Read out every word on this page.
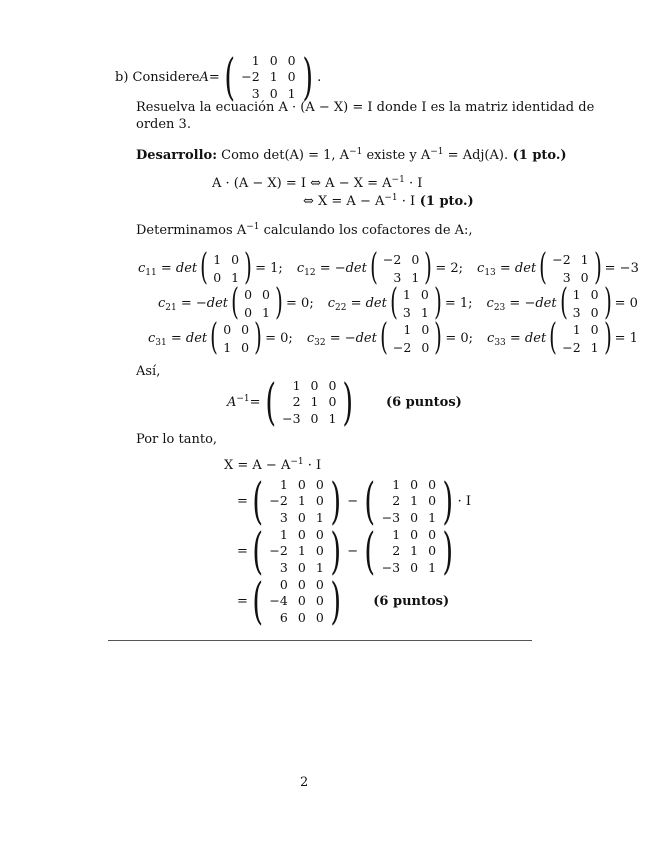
b) Considere A = (	1 0 0
−2 1 0
3 0 1 ) .
Resuelva la ecuación A · (A − X) = I donde I es la matriz identidad de
orden 3.
Desarrollo: Como det(A) = 1, $A^{-1}$ existe y $A^{-1} = Adj(A)$. (1 pto.)
A · (A − X) = I ⇔ $A - X = A^{-1} \cdot I$
⇔ $X = A - A^{-1} \cdot I$ (1 pto.)
Determinamos $A^{-1}$ calculando los cofactores de A:,
$c_{11} = \det$ ( 1 0
0 1 ) = 1; $c_{12} = -\det$ ( −2 0
3 1 ) = 2; $c_{13} = \det$ ( −2 1
3 0 ) = −3
$c_{21} = -\det$ ( 0 0
0 1 ) = 0; $c_{22} = \det$ ( 1 0
3 1 ) = 1; $c_{23} = -\det$ ( 1 0
3 0 ) = 0
$c_{31} = \det$ ( 0 0
1 0 ) = 0; $c_{32} = -\det$ (	1 0
−2 0 ) = 0; $c_{33} = \det$ (	1 0
−2 1 ) = 1
Así,
$A^{-1}$ = (	1 0 0
2 1 0
−3 0 1 ) (6 puntos)
Por lo tanto,
$X = A - A^{-1} \cdot I$
= (	1 0 0
−2 1 0
3 0 1 ) − (	1 0 0
2 1 0
−3 0 1 ) · I
= (	1 0 0
−2 1 0
3 0 1 ) − (	1 0 0
2 1 0
−3 0 1 )
= (	0 0 0
−4 0 0
6 0 0 ) (6 puntos)
2
